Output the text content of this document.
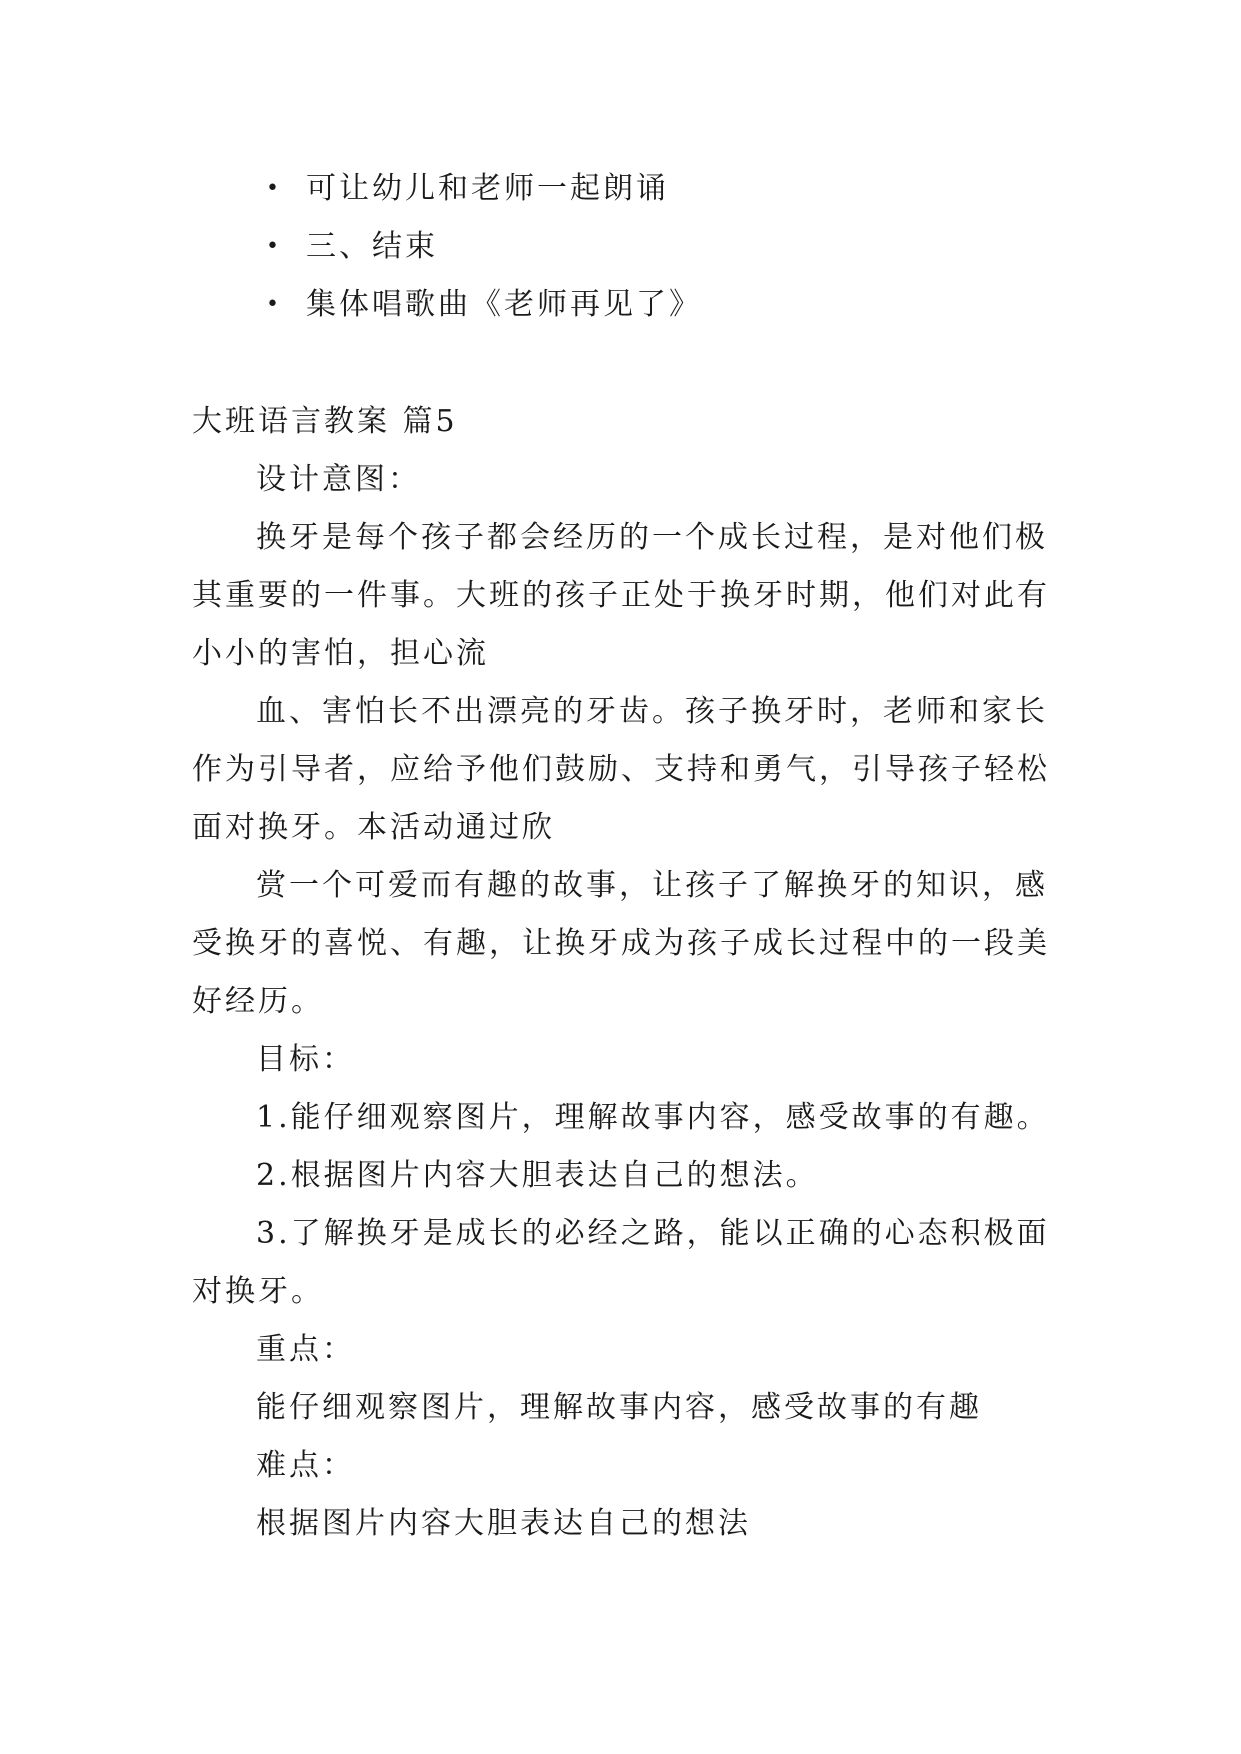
• 可让幼儿和老师一起朗诵
• 三、结束
• 集体唱歌曲《老师再见了》
大班语言教案 篇5

设计意图：

换牙是每个孩子都会经历的一个成长过程，是对他们极其重要的一件事。大班的孩子正处于换牙时期，他们对此有小小的害怕，担心流

血、害怕长不出漂亮的牙齿。孩子换牙时，老师和家长作为引导者，应给予他们鼓励、支持和勇气，引导孩子轻松面对换牙。本活动通过欣

赏一个可爱而有趣的故事，让孩子了解换牙的知识，感受换牙的喜悦、有趣，让换牙成为孩子成长过程中的一段美好经历。

目标：

1.能仔细观察图片，理解故事内容，感受故事的有趣。

2.根据图片内容大胆表达自己的想法。

3.了解换牙是成长的必经之路，能以正确的心态积极面对换牙。

重点：

能仔细观察图片，理解故事内容，感受故事的有趣

难点：

根据图片内容大胆表达自己的想法
